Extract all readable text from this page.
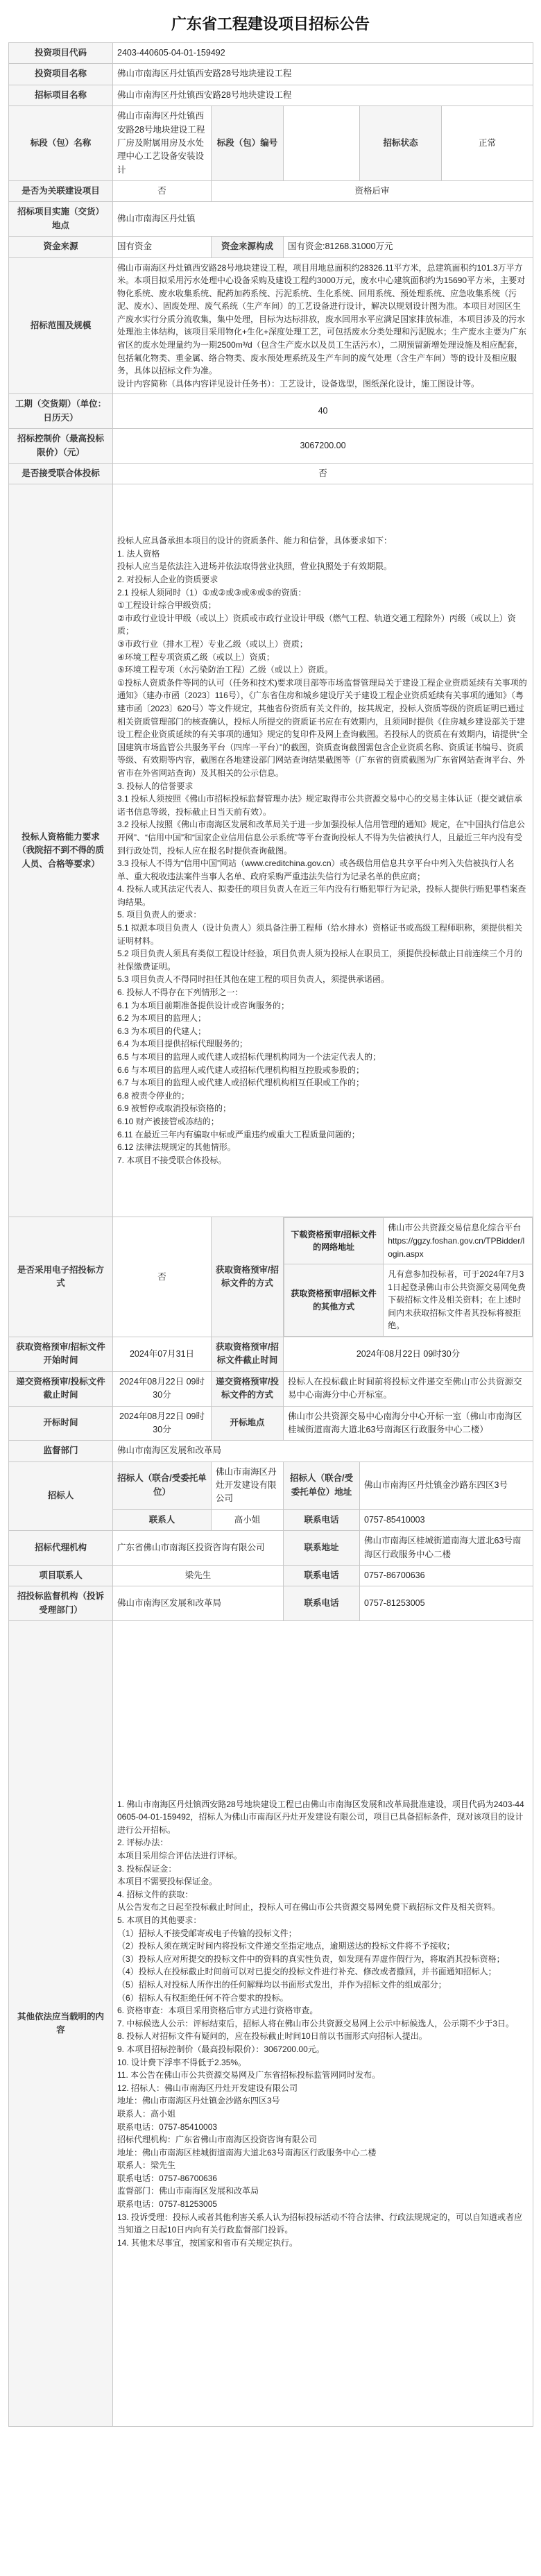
广东省工程建设项目招标公告
投资项目代码	2403-440605-04-01-159492
投资项目名称	佛山市南海区丹灶镇西安路28号地块建设工程
招标项目名称	佛山市南海区丹灶镇西安路28号地块建设工程
标段（包）名称	佛山市南海区丹灶镇西安路28号地块建设工程厂房及附属用房及水处理中心工艺设备安装设计	标段（包）编号		招标状态	正常
是否为关联建设项目	否	资格后审
招标项目实施（交货）地点	佛山市南海区丹灶镇
资金来源	国有资金	资金来源构成	国有资金:81268.31000万元
招标范围及规模	佛山市南海区丹灶镇西安路28号地块建设工程，项目用地总面积约28326.11平方米，总建筑面积约101.3万平方米。本项目拟采用污水处理中心设备采购及建设工程约3000万元，废水中心建筑面积约为15690平方米，主要对物化系统、废水收集系统、配药加药系统、污泥系统、生化系统、回用系统、预处理系统、应急收集系统（污泥、废水）、固废处理、废气系统（生产车间）的工艺设备进行设计，解决以规划设计图为准。本项目对园区生产废水实行分质分流收集，集中处理，目标为达标排放，废水回用水平应满足国家排放标准，本项目涉及的污水处理池主体结构，该项目采用物化+生化+深度处理工艺，可包括废水分类处理和污泥脱水；生产废水主要为广东省区的废水处理量约为一期2500m³/d（包含生产废水以及员工生活污水），二期预留新增处理设施及相应配套，包括氟化物类、重金属、络合物类、废水预处理系统及生产车间的废气处理（含生产车间）等的设计及相应服务，具体以招标文件为准。
设计内容简称（具体内容详见设计任务书）：工艺设计，设备选型，图纸深化设计，施工图设计等。
工期（交货期）（单位：日历天）	40
招标控制价（最高投标限价）（元）	3067200.00
是否接受联合体投标	否
投标人资格能力要求（我院招不到不得的质人员、合格等要求）	投标人应具备承担本项目的设计的资质条件、能力和信誉，具体要求如下：
1. 法人资格
投标人应当是依法注入进场并依法取得营业执照，营业执照处于有效期限。
2. 对投标人企业的资质要求
2.1 投标人须同时（1）①或②或③或④或⑤的资质：
①工程设计综合甲级资质；
②市政行业设计甲级（或以上）资质或市政行业设计甲级（燃气工程、轨道交通工程除外）丙级（或以上）资质；
③市政行业（排水工程）专业乙级（或以上）资质；
④环境工程专项资质乙级（或以上）资质；
⑤环境工程专项（水污染防治工程）乙级（或以上）资质。
①投标人资质条件等同的认可（任务和技术)要求项目部等市场监督管理局关于建设工程企业资质延续有关事项的通知》（建办市函〔2023〕116号），《广东省住房和城乡建设厅关于建设工程企业资质延续有关事项的通知》（粤建市函〔2023〕620号）等文件规定，其他省份资质有关文件的，按其规定，投标人资质等级的资质证明已通过相关资质管理部门的核查确认，投标人所提交的资质证书应在有效期内，且须同时提供《住房城乡建设部关于建设工程企业资质延续的有关事项的通知》规定的复印件及网上查询截图。若投标人的资质在有效期内，请提供“全国建筑市场监管公共服务平台（四库一平台）”的截图，资质查询截图需包含企业资质名称、资质证书编号、资质等级、有效期等内容，截图在各地建设部门网站查询结果截图等（广东省的资质截图为广东省网站查询平台、外省市在外省网站查询）及其相关的公示信息。
3. 投标人的信誉要求
3.1 投标人须按照《佛山市招标投标监督管理办法》规定取得市公共资源交易中心的交易主体认证（提交诚信承诺书信息等级，投标截止日当天前有效）。
3.2 投标人按照《佛山市南海区发展和改革局关于进一步加强投标人信用管理的通知》规定，在“中国执行信息公开网”、“信用中国”和“国家企业信用信息公示系统”等平台查询投标人不得为失信被执行人，且最近三年内没有受到行政处罚，投标人应在报名时提供查询截图。
3.3 投标人不得为“信用中国”网站（www.creditchina.gov.cn）或各级信用信息共享平台中列入失信被执行人名单、重大税收违法案件当事人名单、政府采购严重违法失信行为记录名单的供应商；
4. 投标人或其法定代表人、拟委任的项目负责人在近三年内没有行贿犯罪行为记录，投标人提供行贿犯罪档案查询结果。
5. 项目负责人的要求：
5.1 拟派本项目负责人（设计负责人）须具备注册工程师（给水排水）资格证书或高级工程师职称，须提供相关证明材料。
5.2 项目负责人须具有类似工程设计经验，项目负责人须为投标人在职员工，须提供投标截止日前连续三个月的社保缴费证明。
5.3 项目负责人不得同时担任其他在建工程的项目负责人，须提供承诺函。
6. 投标人不得存在下列情形之一：
6.1 为本项目前期准备提供设计或咨询服务的；
6.2 为本项目的监理人；
6.3 为本项目的代建人；
6.4 为本项目提供招标代理服务的；
6.5 与本项目的监理人或代建人或招标代理机构同为一个法定代表人的；
6.6 与本项目的监理人或代建人或招标代理机构相互控股或参股的；
6.7 与本项目的监理人或代建人或招标代理机构相互任职或工作的；
6.8 被责令停业的；
6.9 被暂停或取消投标资格的；
6.10 财产被接管或冻结的；
6.11 在最近三年内有骗取中标或严重违约或重大工程质量问题的；
6.12 法律法规规定的其他情形。
7. 本项目不接受联合体投标。
是否采用电子招投标方式	否	获取资格预审/招标文件的方式	
下载资格预审/招标文件的网络地址	佛山市公共资源交易信息化综合平台 https://ggzy.foshan.gov.cn/TPBidder/login.aspx
获取资格预审/招标文件的其他方式	凡有意参加投标者，可于2024年7月31日起登录佛山市公共资源交易网免费下载招标文件及相关资料；在上述时间内未获取招标文件者其投标将被拒绝。

获取资格预审/招标文件开始时间	2024年07月31日	获取资格预审/招标文件截止时间	2024年08月22日 09时30分
递交资格预审/投标文件截止时间	2024年08月22日 09时30分	递交资格预审/投标文件的方式	投标人在投标截止时间前将投标文件递交至佛山市公共资源交易中心南海分中心开标室。
开标时间	2024年08月22日 09时30分	开标地点	佛山市公共资源交易中心南海分中心开标一室（佛山市南海区桂城街道南海大道北63号南海区行政服务中心二楼）
监督部门	佛山市南海区发展和改革局
招标人	招标人（联合/受委托单位）	佛山市南海区丹灶开发建设有限公司	招标人（联合/受委托单位）地址	佛山市南海区丹灶镇金沙路东四区3号
联系人	高小姐	联系电话	0757-85410003
招标代理机构	广东省佛山市南海区投资咨询有限公司	联系地址	佛山市南海区桂城街道南海大道北63号南海区行政服务中心二楼
项目联系人	梁先生	联系电话	0757-86700636
招投标监督机构（投诉受理部门）	佛山市南海区发展和改革局	联系电话	0757-81253005
其他依法应当载明的内容	1. 佛山市南海区丹灶镇西安路28号地块建设工程已由佛山市南海区发展和改革局批准建设，项目代码为2403-440605-04-01-159492，招标人为佛山市南海区丹灶开发建设有限公司，项目已具备招标条件，现对该项目的设计进行公开招标。
2. 评标办法：
本项目采用综合评估法进行评标。
3. 投标保证金：
本项目不需要投标保证金。
4. 招标文件的获取：
从公告发布之日起至投标截止时间止，投标人可在佛山市公共资源交易网免费下载招标文件及相关资料。
5. 本项目的其他要求：
（1）招标人不接受邮寄或电子传输的投标文件；
（2）投标人须在规定时间内将投标文件递交至指定地点，逾期送达的投标文件将不予接收；
（3）投标人应对所提交的投标文件中的资料的真实性负责，如发现有弄虚作假行为，将取消其投标资格；
（4）投标人在投标截止时间前可以对已提交的投标文件进行补充、修改或者撤回，并书面通知招标人；
（5）招标人对投标人所作出的任何解释均以书面形式发出，并作为招标文件的组成部分；
（6）招标人有权拒绝任何不符合要求的投标。
6. 资格审查：本项目采用资格后审方式进行资格审查。
7. 中标候选人公示：评标结束后，招标人将在佛山市公共资源交易网上公示中标候选人，公示期不少于3日。
8. 投标人对招标文件有疑问的，应在投标截止时间10日前以书面形式向招标人提出。
9. 本项目招标控制价（最高投标限价）：3067200.00元。
10. 设计费下浮率不得低于2.35%。
11. 本公告在佛山市公共资源交易网及广东省招标投标监管网同时发布。
12. 招标人：佛山市南海区丹灶开发建设有限公司
地址：佛山市南海区丹灶镇金沙路东四区3号
联系人：高小姐
联系电话：0757-85410003
招标代理机构：广东省佛山市南海区投资咨询有限公司
地址：佛山市南海区桂城街道南海大道北63号南海区行政服务中心二楼
联系人：梁先生
联系电话：0757-86700636
监督部门：佛山市南海区发展和改革局
联系电话：0757-81253005
13. 投诉受理：投标人或者其他利害关系人认为招标投标活动不符合法律、行政法规规定的，可以自知道或者应当知道之日起10日内向有关行政监督部门投诉。
14. 其他未尽事宜，按国家和省市有关规定执行。
